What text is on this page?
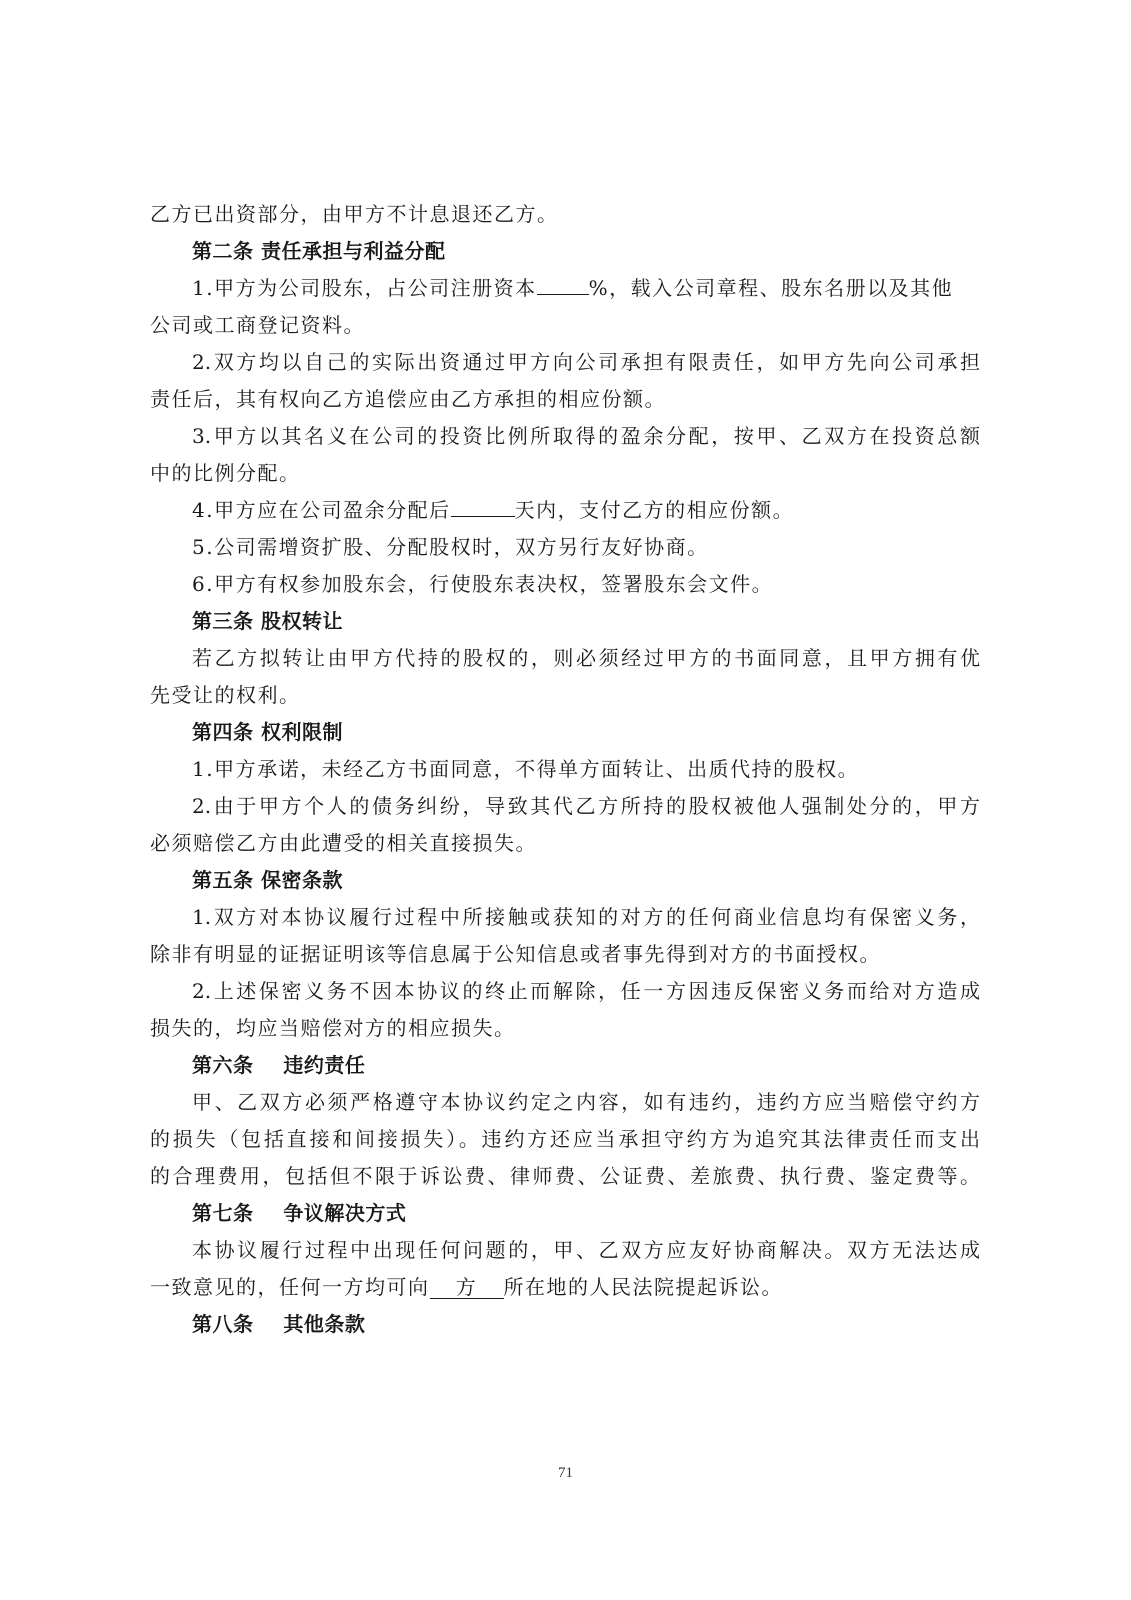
乙方已出资部分，由甲方不计息退还乙方。
第二条 责任承担与利益分配
1.甲方为公司股东，占公司注册资本	%，载入公司章程、股东名册以及其他
公司或工商登记资料。
2.双方均以自己的实际出资通过甲方向公司承担有限责任，如甲方先向公司承担
责任后，其有权向乙方追偿应由乙方承担的相应份额。
3.甲方以其名义在公司的投资比例所取得的盈余分配，按甲、乙双方在投资总额
中的比例分配。
4.甲方应在公司盈余分配后	天内，支付乙方的相应份额。
5.公司需增资扩股、分配股权时，双方另行友好协商。
6.甲方有权参加股东会，行使股东表决权，签署股东会文件。
第三条 股权转让
若乙方拟转让由甲方代持的股权的，则必须经过甲方的书面同意，且甲方拥有优
先受让的权利。
第四条 权利限制
1.甲方承诺，未经乙方书面同意，不得单方面转让、出质代持的股权。
2.由于甲方个人的债务纠纷，导致其代乙方所持的股权被他人强制处分的，甲方
必须赔偿乙方由此遭受的相关直接损失。
第五条 保密条款
1.双方对本协议履行过程中所接触或获知的对方的任何商业信息均有保密义务，
除非有明显的证据证明该等信息属于公知信息或者事先得到对方的书面授权。
2.上述保密义务不因本协议的终止而解除，任一方因违反保密义务而给对方造成
损失的，均应当赔偿对方的相应损失。
第六条    违约责任
甲、乙双方必须严格遵守本协议约定之内容，如有违约，违约方应当赔偿守约方
的损失（包括直接和间接损失）。违约方还应当承担守约方为追究其法律责任而支出
的合理费用，包括但不限于诉讼费、律师费、公证费、差旅费、执行费、鉴定费等。
第七条    争议解决方式
本协议履行过程中出现任何问题的，甲、乙双方应友好协商解决。双方无法达成
一致意见的，任何一方均可向 方 所在地的人民法院提起诉讼。
第八条    其他条款
71
